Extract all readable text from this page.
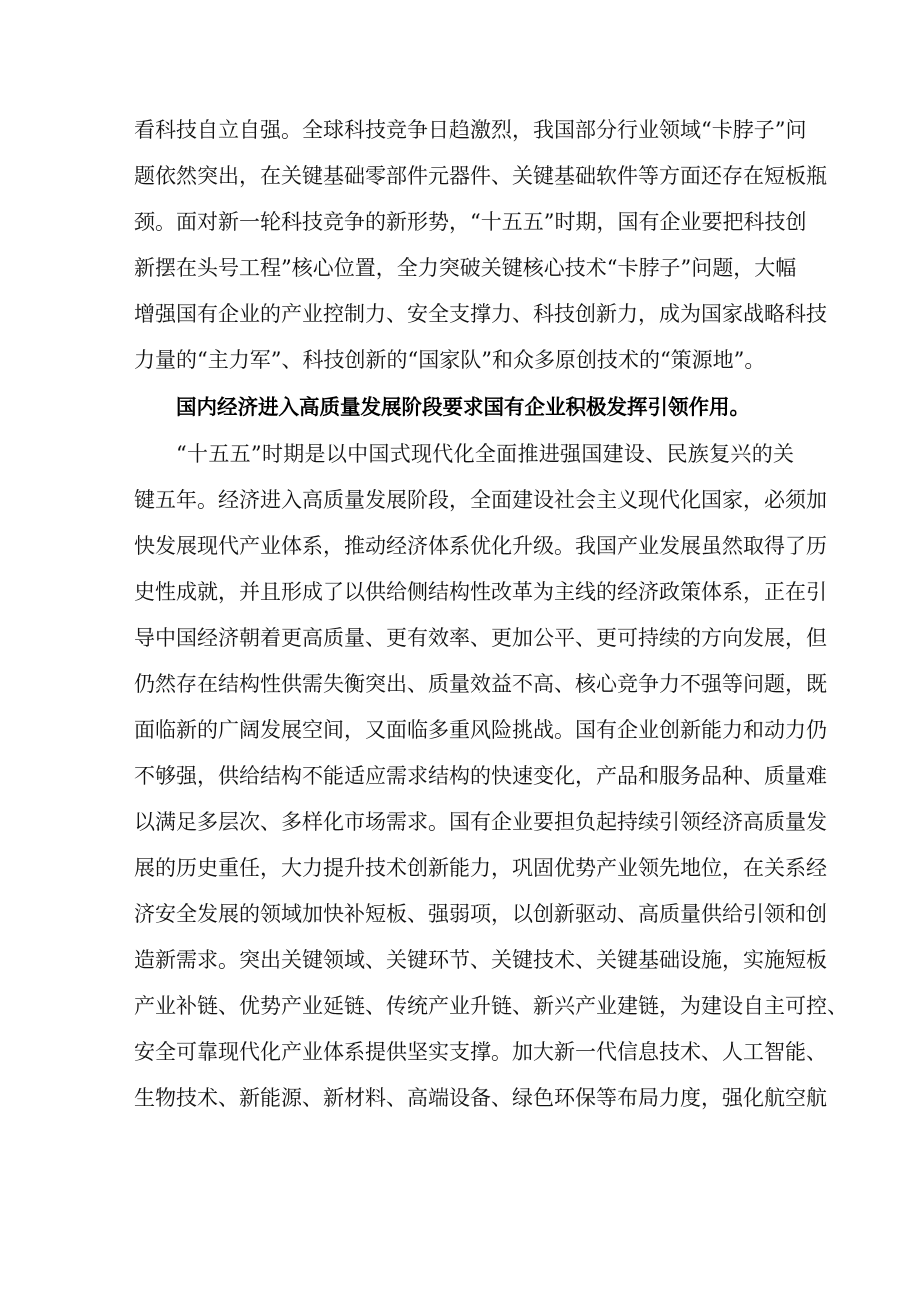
看科技自立自强。全球科技竞争日趋激烈，我国部分行业领域“卡脖子”问
题依然突出，在关键基础零部件元器件、关键基础软件等方面还存在短板瓶
颈。面对新一轮科技竞争的新形势，“十五五”时期，国有企业要把科技创
新摆在头号工程”核心位置，全力突破关键核心技术“卡脖子”问题，大幅
增强国有企业的产业控制力、安全支撑力、科技创新力，成为国家战略科技
力量的“主力军”、科技创新的“国家队”和众多原创技术的“策源地”。
国内经济进入高质量发展阶段要求国有企业积极发挥引领作用。
“十五五”时期是以中国式现代化全面推进强国建设、民族复兴的关
键五年。经济进入高质量发展阶段，全面建设社会主义现代化国家，必须加
快发展现代产业体系，推动经济体系优化升级。我国产业发展虽然取得了历
史性成就，并且形成了以供给侧结构性改革为主线的经济政策体系，正在引
导中国经济朝着更高质量、更有效率、更加公平、更可持续的方向发展，但
仍然存在结构性供需失衡突出、质量效益不高、核心竞争力不强等问题，既
面临新的广阔发展空间，又面临多重风险挑战。国有企业创新能力和动力仍
不够强，供给结构不能适应需求结构的快速变化，产品和服务品种、质量难
以满足多层次、多样化市场需求。国有企业要担负起持续引领经济高质量发
展的历史重任，大力提升技术创新能力，巩固优势产业领先地位，在关系经
济安全发展的领域加快补短板、强弱项，以创新驱动、高质量供给引领和创
造新需求。突出关键领域、关键环节、关键技术、关键基础设施，实施短板
产业补链、优势产业延链、传统产业升链、新兴产业建链，为建设自主可控、
安全可靠现代化产业体系提供坚实支撑。加大新一代信息技术、人工智能、
生物技术、新能源、新材料、高端设备、绿色环保等布局力度，强化航空航
